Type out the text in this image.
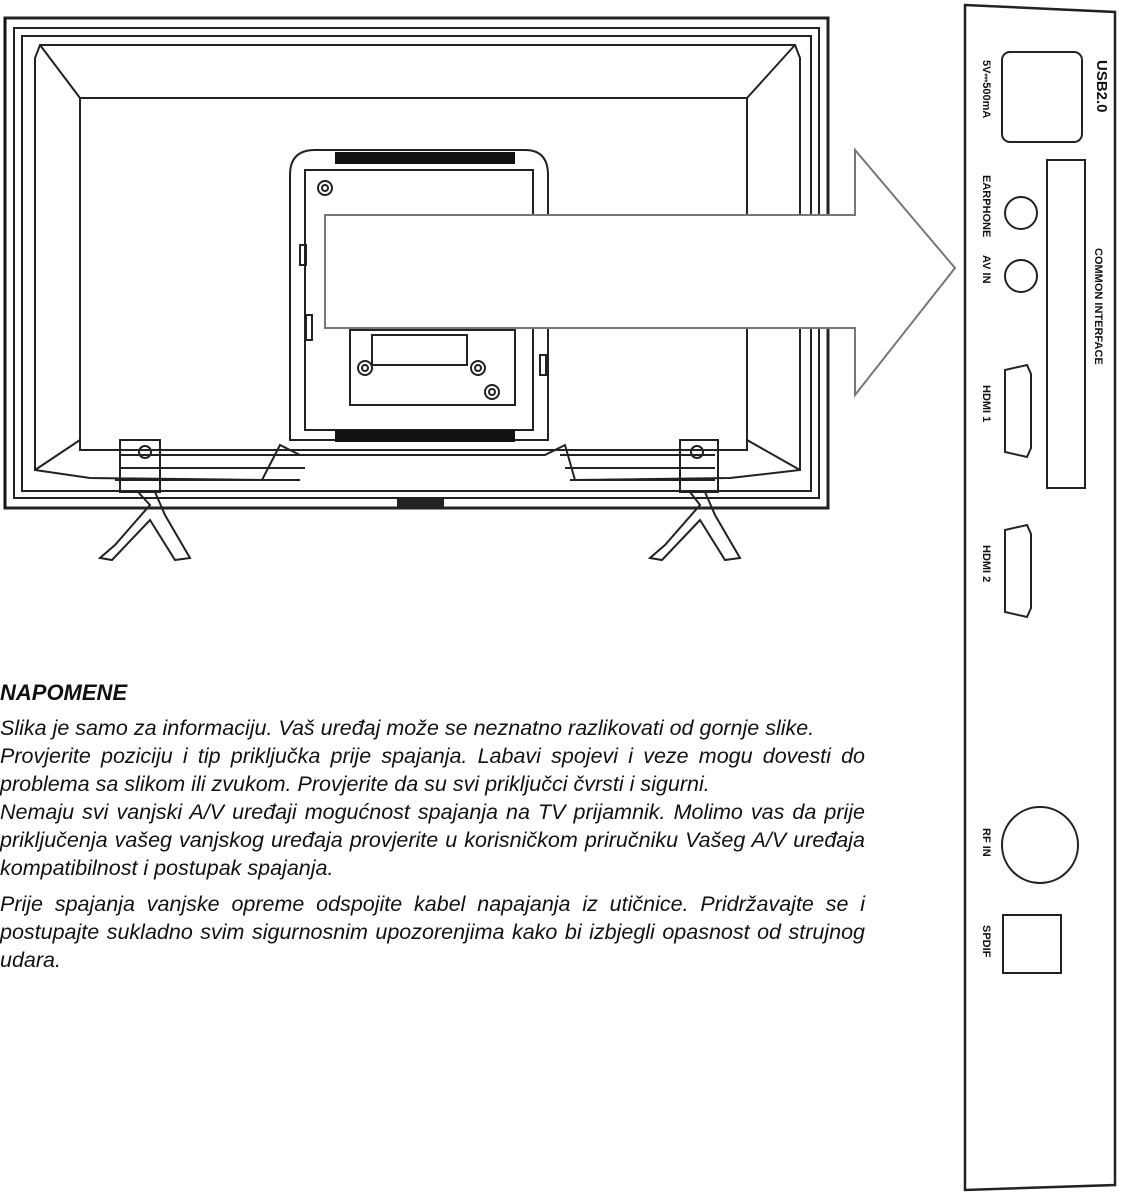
USB2.0
5V⎓500mA
EARPHONE
AV IN	COMMON INTERFACE
HDMI 1
HDMI 2
RF IN
SPDIF
NAPOMENE

Slika je samo za informaciju. Vaš uređaj može se neznatno razlikovati od gornje slike.

Provjerite poziciju i tip priključka prije spajanja. Labavi spojevi i veze mogu dovesti do problema sa slikom ili zvukom. Provjerite da su svi priključci čvrsti i sigurni.

Nemaju svi vanjski A/V uređaji mogućnost spajanja na TV prijamnik. Molimo vas da prije priključenja vašeg vanjskog uređaja provjerite u korisničkom priručniku Vašeg A/V uređaja kompatibilnost i postupak spajanja.

Prije spajanja vanjske opreme odspojite kabel napajanja iz utičnice. Pridržavajte se i postupajte sukladno svim sigurnosnim upozorenjima kako bi izbjegli opasnost od strujnog udara.
